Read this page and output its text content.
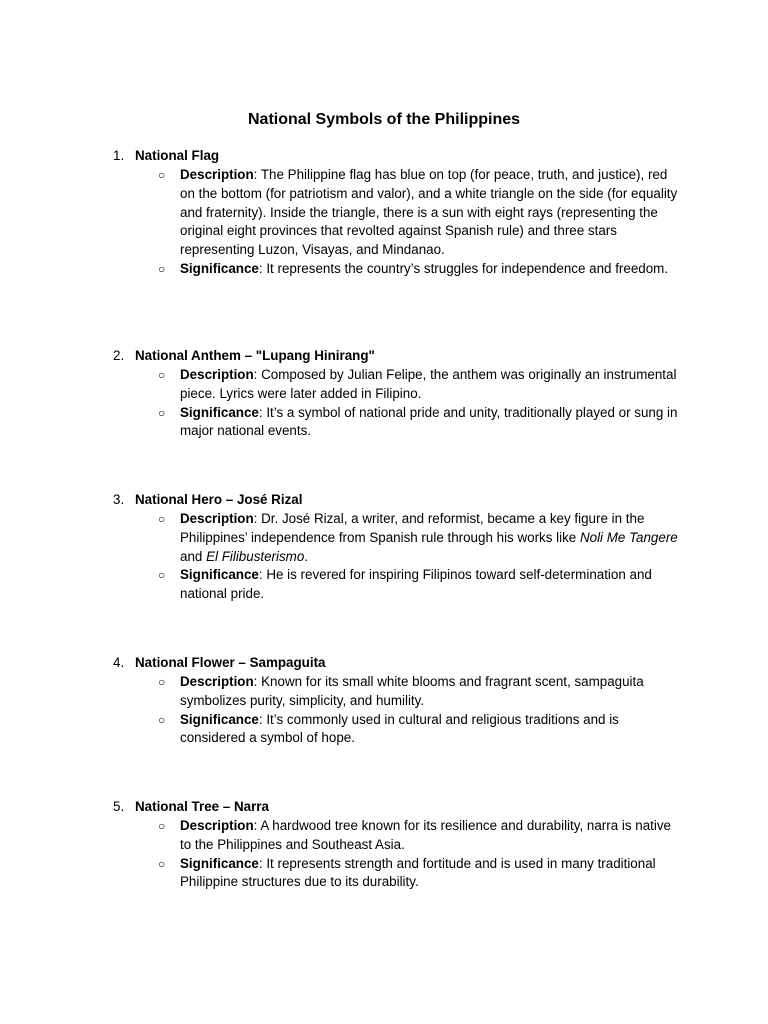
National Symbols of the Philippines
1. National Flag
○ Description: The Philippine flag has blue on top (for peace, truth, and justice), red on the bottom (for patriotism and valor), and a white triangle on the side (for equality and fraternity). Inside the triangle, there is a sun with eight rays (representing the original eight provinces that revolted against Spanish rule) and three stars representing Luzon, Visayas, and Mindanao.
○ Significance: It represents the country’s struggles for independence and freedom.
2. National Anthem – "Lupang Hinirang"
○ Description: Composed by Julian Felipe, the anthem was originally an instrumental piece. Lyrics were later added in Filipino.
○ Significance: It’s a symbol of national pride and unity, traditionally played or sung in major national events.
3. National Hero – José Rizal
○ Description: Dr. José Rizal, a writer, and reformist, became a key figure in the Philippines’ independence from Spanish rule through his works like Noli Me Tangere and El Filibusterismo.
○ Significance: He is revered for inspiring Filipinos toward self-determination and national pride.
4. National Flower – Sampaguita
○ Description: Known for its small white blooms and fragrant scent, sampaguita symbolizes purity, simplicity, and humility.
○ Significance: It’s commonly used in cultural and religious traditions and is considered a symbol of hope.
5. National Tree – Narra
○ Description: A hardwood tree known for its resilience and durability, narra is native to the Philippines and Southeast Asia.
○ Significance: It represents strength and fortitude and is used in many traditional Philippine structures due to its durability.
